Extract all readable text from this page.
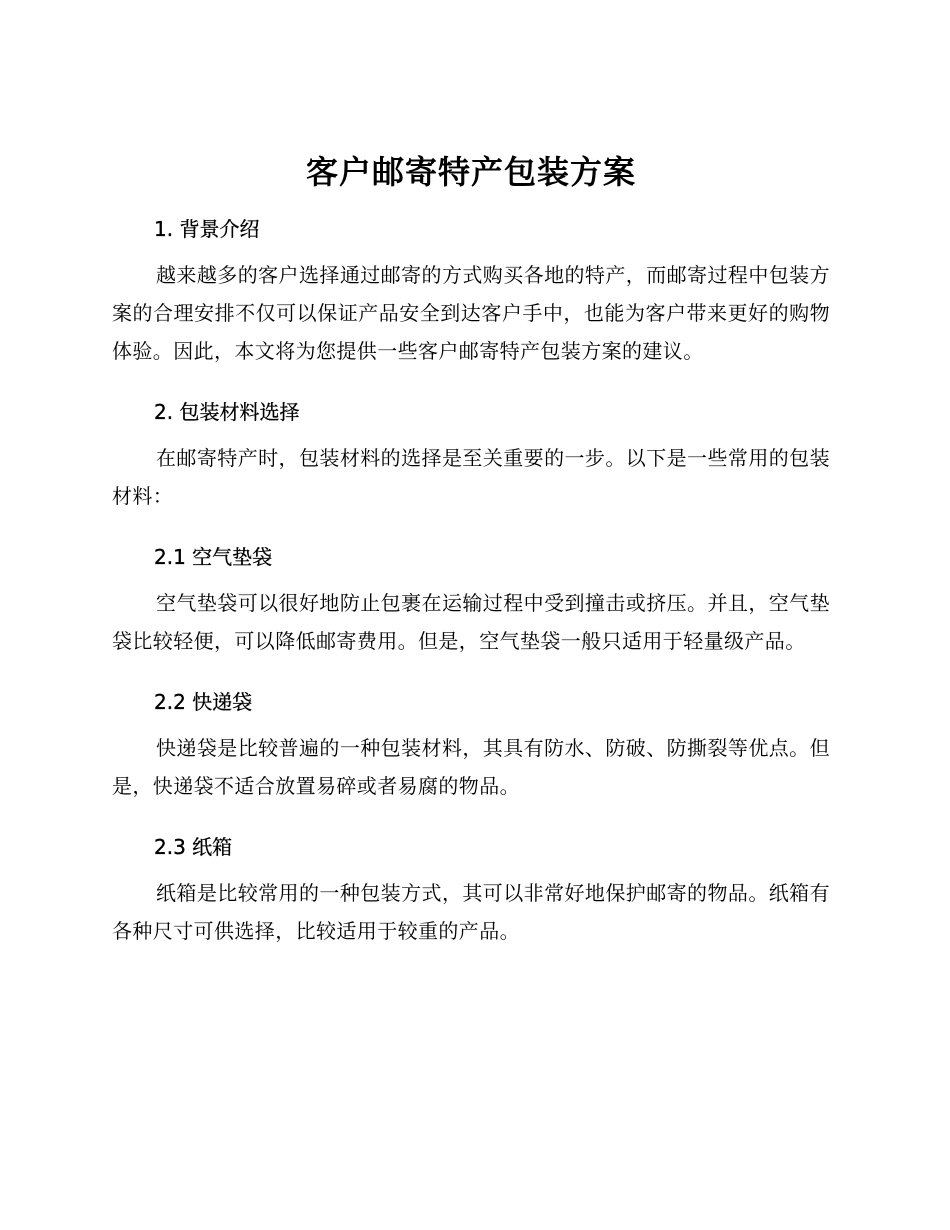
客户邮寄特产包装方案
1. 背景介绍

越来越多的客户选择通过邮寄的方式购买各地的特产，而邮寄过程中包装方案的合理安排不仅可以保证产品安全到达客户手中，也能为客户带来更好的购物体验。因此，本文将为您提供一些客户邮寄特产包装方案的建议。

2. 包装材料选择

在邮寄特产时，包装材料的选择是至关重要的一步。以下是一些常用的包装材料：

2.1 空气垫袋

空气垫袋可以很好地防止包裹在运输过程中受到撞击或挤压。并且，空气垫袋比较轻便，可以降低邮寄费用。但是，空气垫袋一般只适用于轻量级产品。

2.2 快递袋

快递袋是比较普遍的一种包装材料，其具有防水、防破、防撕裂等优点。但是，快递袋不适合放置易碎或者易腐的物品。

2.3 纸箱

纸箱是比较常用的一种包装方式，其可以非常好地保护邮寄的物品。纸箱有各种尺寸可供选择，比较适用于较重的产品。
